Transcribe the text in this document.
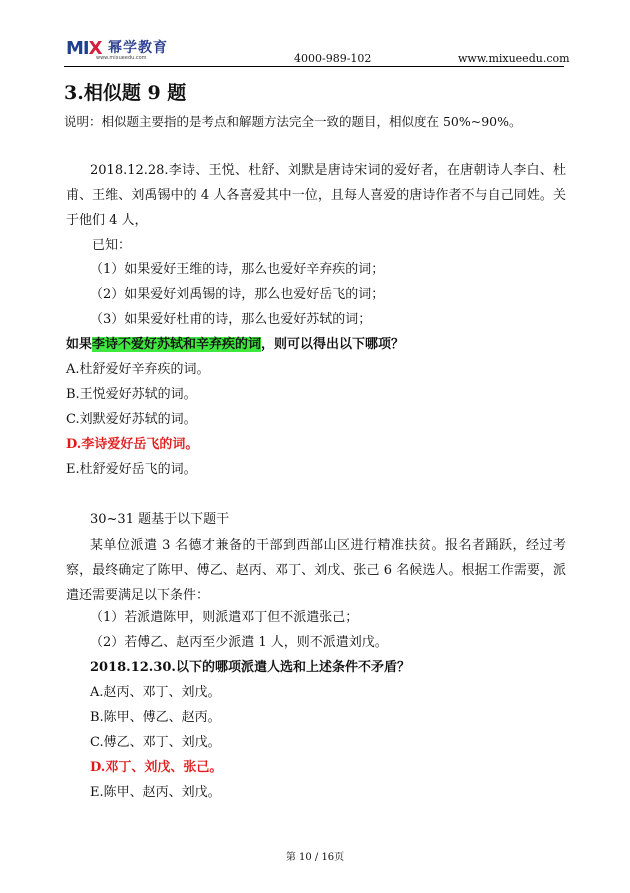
MIX 幂学教育
www.mixueedu.com	4000-989-102	www.mixueedu.com
3.相似题 9 题
说明：相似题主要指的是考点和解题方法完全一致的题目，相似度在 50%~90%。
2018.12.28.李诗、王悦、杜舒、刘默是唐诗宋词的爱好者，在唐朝诗人李白、杜甫、王维、刘禹锡中的 4 人各喜爱其中一位，且每人喜爱的唐诗作者不与自己同姓。关于他们 4 人，
已知：
（1）如果爱好王维的诗，那么也爱好辛弃疾的词；
（2）如果爱好刘禹锡的诗，那么也爱好岳飞的词；
（3）如果爱好杜甫的诗，那么也爱好苏轼的词；
如果李诗不爱好苏轼和辛弃疾的词，则可以得出以下哪项？
A.杜舒爱好辛弃疾的词。
B.王悦爱好苏轼的词。
C.刘默爱好苏轼的词。
D.李诗爱好岳飞的词。
E.杜舒爱好岳飞的词。
30~31 题基于以下题干
某单位派遣 3 名德才兼备的干部到西部山区进行精准扶贫。报名者踊跃，经过考察，最终确定了陈甲、傅乙、赵丙、邓丁、刘戊、张己 6 名候选人。根据工作需要，派遣还需要满足以下条件：
（1）若派遣陈甲，则派遣邓丁但不派遣张己；
（2）若傅乙、赵丙至少派遣 1 人，则不派遣刘戊。
2018.12.30.以下的哪项派遣人选和上述条件不矛盾？
A.赵丙、邓丁、刘戊。
B.陈甲、傅乙、赵丙。
C.傅乙、邓丁、刘戊。
D.邓丁、刘戊、张己。
E.陈甲、赵丙、刘戊。
第 10 / 16页
